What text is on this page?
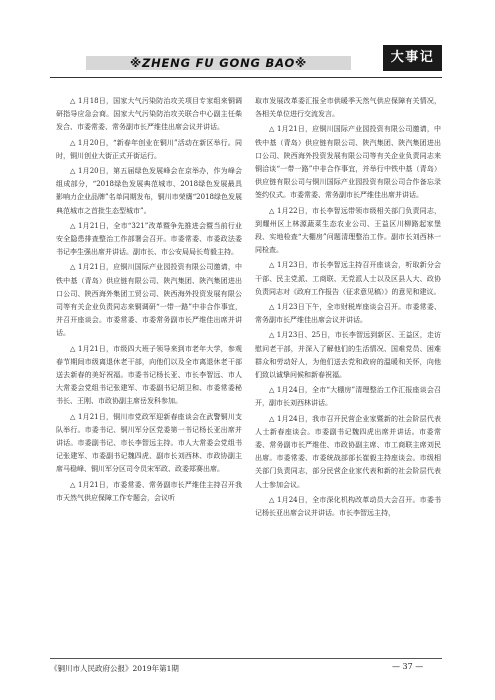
※ZHENG FU GONG BAO※	大事记

△ 1月18日，国家大气污染防治攻关项目专家组来铜调研指导应急会商。国家大气污染防治攻关联合中心副主任柴发合、市委常委、常务副市长严维佳出席会议并讲话。

△ 1月20日，“新春年创业在铜川”活动在新区举行。同时，铜川创业大街正式开街运行。

△ 1月20日，第五届绿色发展峰会在京举办，作为峰会组成部分，“2018绿色发展典范城市、2018绿色发展最具影响力企业品牌”名单同期发布，铜川市荣膺“2018绿色发展典范城市之首批生态型城市”。

△ 1月21日，全市“321”改革暨争先推进会暨当前行业安全隐患排查整治工作部署会召开。市委常委、市委政法委书记李生强出席并讲话。副市长、市公安局局长苟毅主持。

△ 1月21日，应铜川国际产业园投资有限公司邀请，中铁中基（青岛）供应链有限公司、陕汽集团、陕汽集团进出口公司、陕西海外集团工贸公司、陕西海外投资发展有限公司等有关企业负责同志来铜调研“一带一路”中非合作事宜，并召开座谈会。市委常委、市委常务副市长严维佳出席并讲话。

△ 1月21日，市级四大班子领导来到市老年大学，参观春节期间市级离退休老干部，向他们以及全市离退休老干部送去新春的美好祝福。市委书记杨长亚、市长李智远、市人大常委会党组书记张建军、市委副书记胡卫和、市委常委秘书长、王刚、市政协副主席岳发科参加。

△ 1月21日，铜川市党政军迎新春座谈会在武警铜川支队举行。市委书记、铜川军分区党委第一书记杨长亚出席并讲话。市委副书记、市长李智远主持。市人大常委会党组书记张建军、市委副书记魏四虎、副市长刘西林、市政协副主席马稳峰、铜川军分区司令员宋军政、政委郑赛出席。

△ 1月21日，市委常委、常务副市长严维佳主持召开我市天然气供应保障工作专题会，会议听

取市发展改革委汇报全市供暖季天然气供应保障有关情况，各相关单位进行交流发言。

△ 1月21日，应铜川国际产业园投资有限公司邀请，中铁中基（青岛）供应链有限公司、陕汽集团、陕汽集团进出口公司、陕西海外投资发展有限公司等有关企业负责同志来铜洽谈“一带一路”中非合作事宜，并举行中铁中基（青岛）供应链有限公司与铜川国际产业园投资有限公司合作备忘录签约仪式。市委常委、常务副市长严维佳出席并讲话。

△ 1月22日，市长李智远带领市级相关部门负责同志，到耀州区上林源蔬菜生态农业公司、王益区川柳路起家堡段、实地检查“大棚房”问题清理整治工作。副市长刘西林一同检查。

△ 1月23日，市长李智远主持召开座谈会，听取新分会干部、民主党派、工商联、无党派人士以及区县人大、政协负责同志对《政府工作报告（征求意见稿）》的意见和建议。

△ 1月23日下午，全市财税库座谈会召开。市委常委、常务副市长严维佳出席会议并讲话。

△ 1月23日、25日，市长李智远到新区、王益区，走访慰问老干部，并深入了解他们的生活情况、国难党员、困难群众和劳动好人，为他们送去党和政府的温暖和关怀，向他们致以诚挚问候和新春祝福。

△ 1月24日，全市“大棚房”清理整治工作汇报座谈会召开，副市长刘西林讲话。

△ 1月24日，我市召开民营企业家暨新的社会阶层代表人士新春座谈会。市委副书记魏四虎出席并讲话。市委常委、常务副市长严维佳、市政协副主席、市工商联主席刘民出席。市委常委、市委统战部部长崔毅主持座谈会。市级相关部门负责同志，部分民营企业家代表和新的社会阶层代表人士参加会议。

△ 1月24日，全市深化机构改革动员大会召开。市委书记杨长亚出席会议并讲话。市长李智远主持，

《铜川市人民政府公报》2019年第1期	— 37 —
